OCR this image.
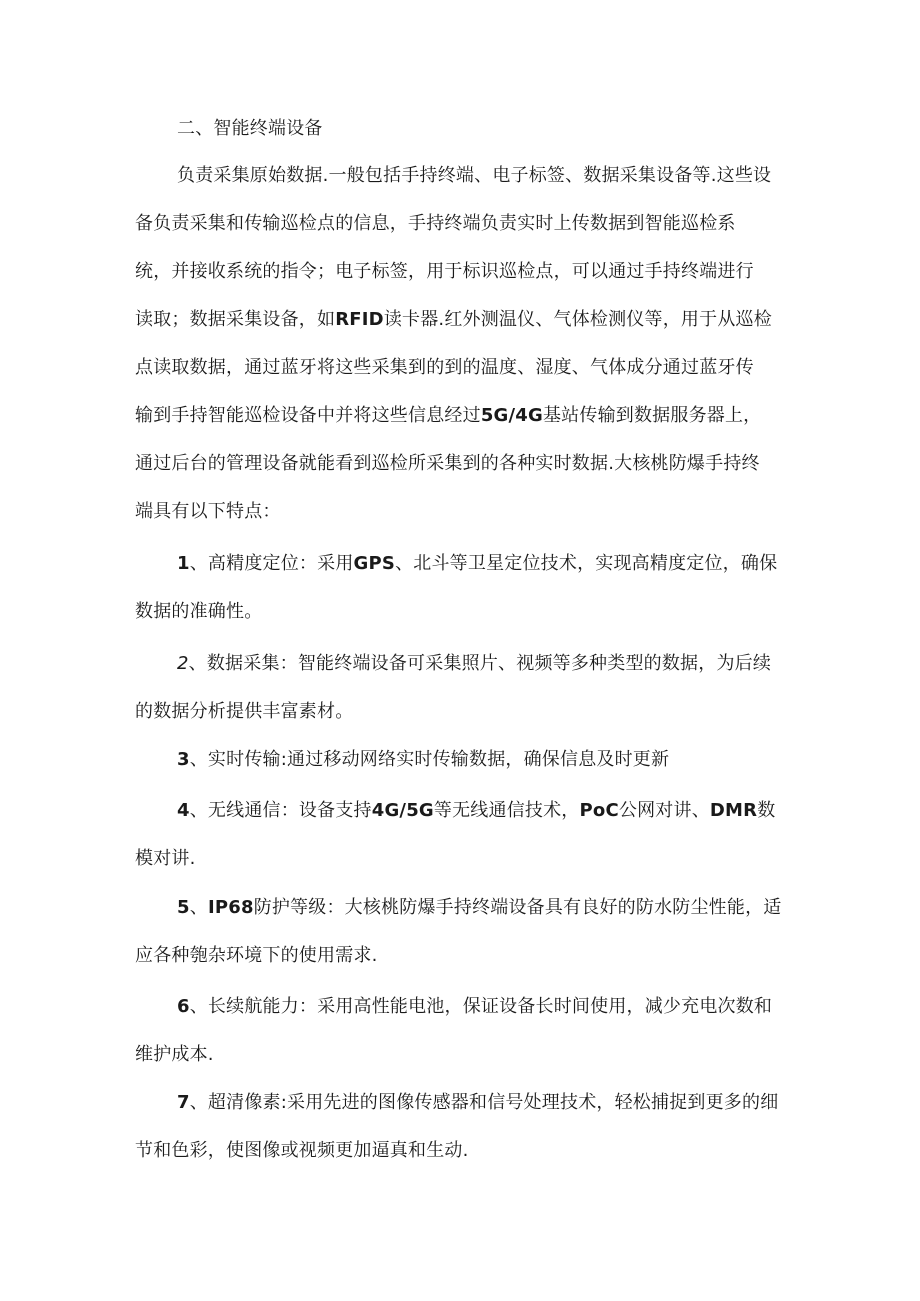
二、智能终端设备
负责采集原始数据.一般包括手持终端、电子标签、数据采集设备等.这些设
备负责采集和传输巡检点的信息，手持终端负责实时上传数据到智能巡检系
统，并接收系统的指令；电子标签，用于标识巡检点，可以通过手持终端进行
读取；数据采集设备，如RFID读卡器.红外测温仪、气体检测仪等，用于从巡检
点读取数据，通过蓝牙将这些采集到的到的温度、湿度、气体成分通过蓝牙传
输到手持智能巡检设备中并将这些信息经过5G/4G基站传输到数据服务器上，
通过后台的管理设备就能看到巡检所采集到的各种实时数据.大核桃防爆手持终
端具有以下特点：
1、高精度定位：采用GPS、北斗等卫星定位技术，实现高精度定位，确保
数据的准确性。
2、数据采集：智能终端设备可采集照片、视频等多种类型的数据，为后续
的数据分析提供丰富素材。
3、实时传输:通过移动网络实时传输数据，确保信息及时更新
4、无线通信：设备支持4G/5G等无线通信技术，PoC公网对讲、DMR数
模对讲.
5、IP68防护等级：大核桃防爆手持终端设备具有良好的防水防尘性能，适
应各种匏杂环境下的使用需求.
6、长续航能力：采用高性能电池，保证设备长时间使用，减少充电次数和
维护成本.
7、超清像素:采用先进的图像传感器和信号处理技术，轻松捕捉到更多的细
节和色彩，使图像或视频更加逼真和生动.
